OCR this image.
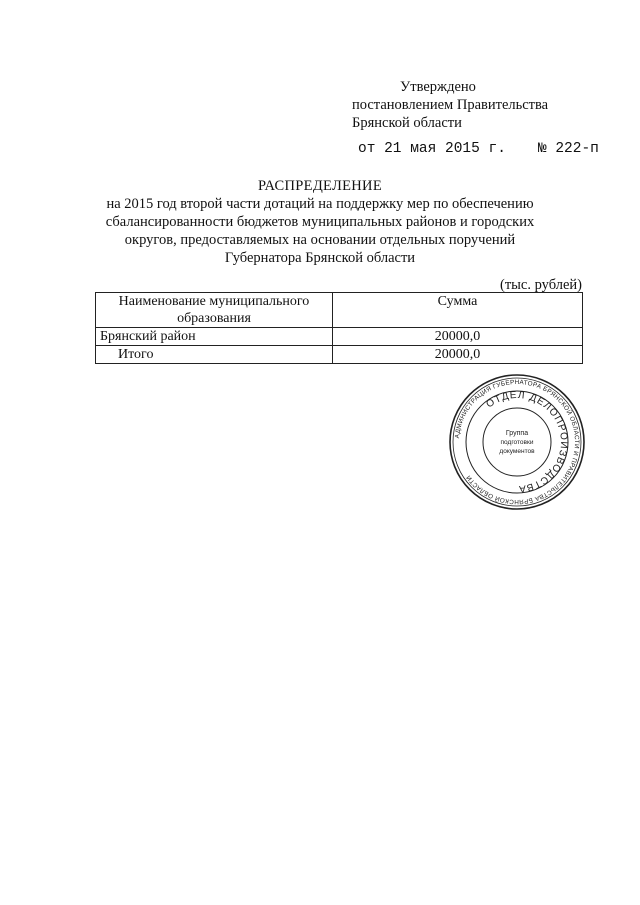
Утверждено
постановлением Правительства
Брянской области
от 21 мая 2015 г. № 222-п
РАСПРЕДЕЛЕНИЕ
на 2015 год второй части дотаций на поддержку мер по обеспечению
сбалансированности бюджетов муниципальных районов и городских
округов, предоставляемых на основании отдельных поручений
Губернатора Брянской области
(тыс. рублей)
Наименование муниципального образования	Сумма
Брянский район	20000,0
Итого	20000,0
АДМИНИСТРАЦИЯ ГУБЕРНАТОРА БРЯНСКОЙ ОБЛАСТИ И ПРАВИТЕЛЬСТВА БРЯНСКОЙ ОБЛАСТИ
ОТДЕЛ ДЕЛОПРОИЗВОДСТВА
Группа
подготовки
документов
